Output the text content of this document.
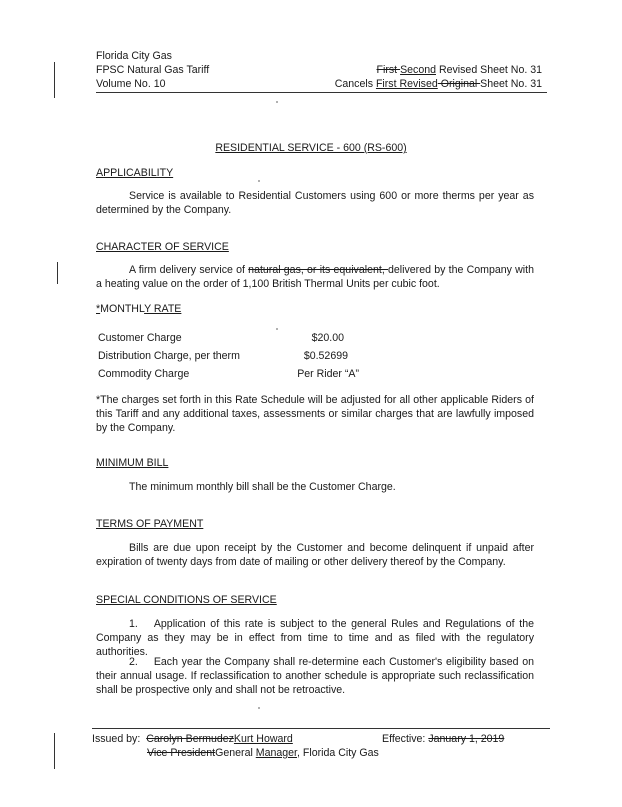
Florida City Gas
FPSC Natural Gas Tariff
Volume No. 10
First Second Revised Sheet No. 31
Cancels First Revised Original Sheet No. 31
RESIDENTIAL SERVICE - 600 (RS-600)
APPLICABILITY
Service is available to Residential Customers using 600 or more therms per year as determined by the Company.
CHARACTER OF SERVICE
A firm delivery service of natural gas, or its equivalent, delivered by the Company with a heating value on the order of 1,100 British Thermal Units per cubic foot.
*MONTHLY RATE
Customer Charge	$20.00
Distribution Charge, per therm	$0.52699
Commodity Charge	Per Rider “A”
*The charges set forth in this Rate Schedule will be adjusted for all other applicable Riders of this Tariff and any additional taxes, assessments or similar charges that are lawfully imposed by the Company.
MINIMUM BILL
The minimum monthly bill shall be the Customer Charge.
TERMS OF PAYMENT
Bills are due upon receipt by the Customer and become delinquent if unpaid after expiration of twenty days from date of mailing or other delivery thereof by the Company.
SPECIAL CONDITIONS OF SERVICE
1. Application of this rate is subject to the general Rules and Regulations of the Company as they may be in effect from time to time and as filed with the regulatory authorities.
2. Each year the Company shall re-determine each Customer's eligibility based on their annual usage. If reclassification to another schedule is appropriate such reclassification shall be prospective only and shall not be retroactive.
Issued by: Carolyn BermudezKurt Howard
Vice PresidentGeneral Manager, Florida City Gas
Effective: January 1, 2019
